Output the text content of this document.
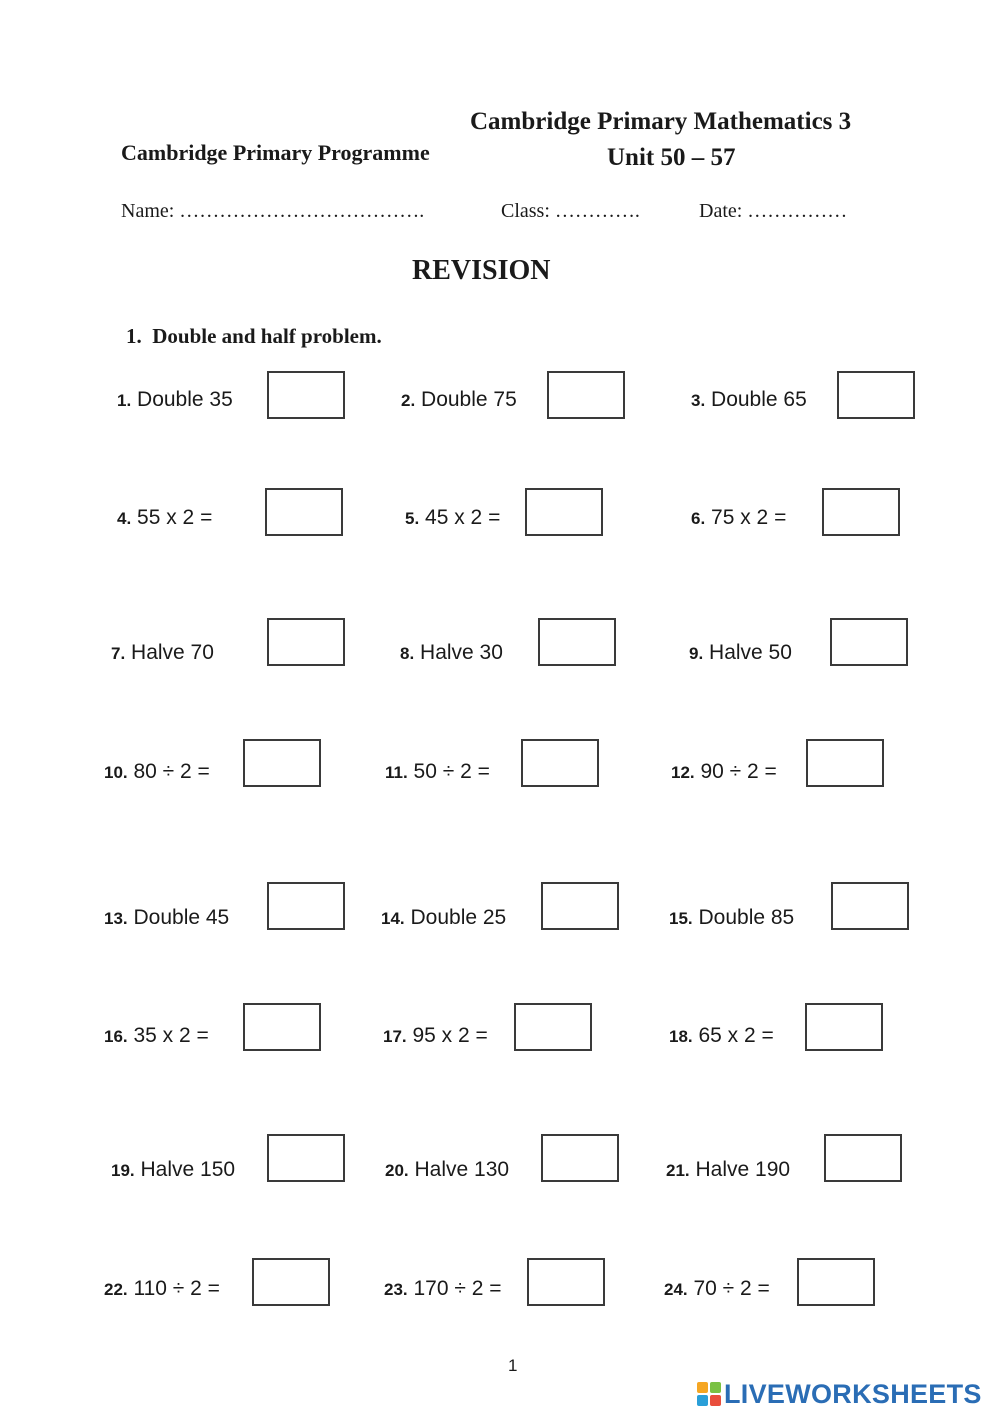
Cambridge Primary Programme
Cambridge Primary Mathematics 3
Unit 50 – 57
Name: ……………………………….	Class: ………….	Date: ……………
REVISION
1. Double and half problem.
1. Double 35	2. Double 75	3. Double 65
4. 55 x 2 =	5. 45 x 2 =	6. 75 x 2 =
7. Halve 70	8. Halve 30	9. Halve 50
10. 80 ÷ 2 =	11. 50 ÷ 2 =	12. 90 ÷ 2 =
13. Double 45	14. Double 25	15. Double 85
16. 35 x 2 =	17. 95 x 2 =	18. 65 x 2 =
19. Halve 150	20. Halve 130	21. Halve 190
22. 110 ÷ 2 =	23. 170 ÷ 2 =	24. 70 ÷ 2 =
1
LIVEWORKSHEETS
